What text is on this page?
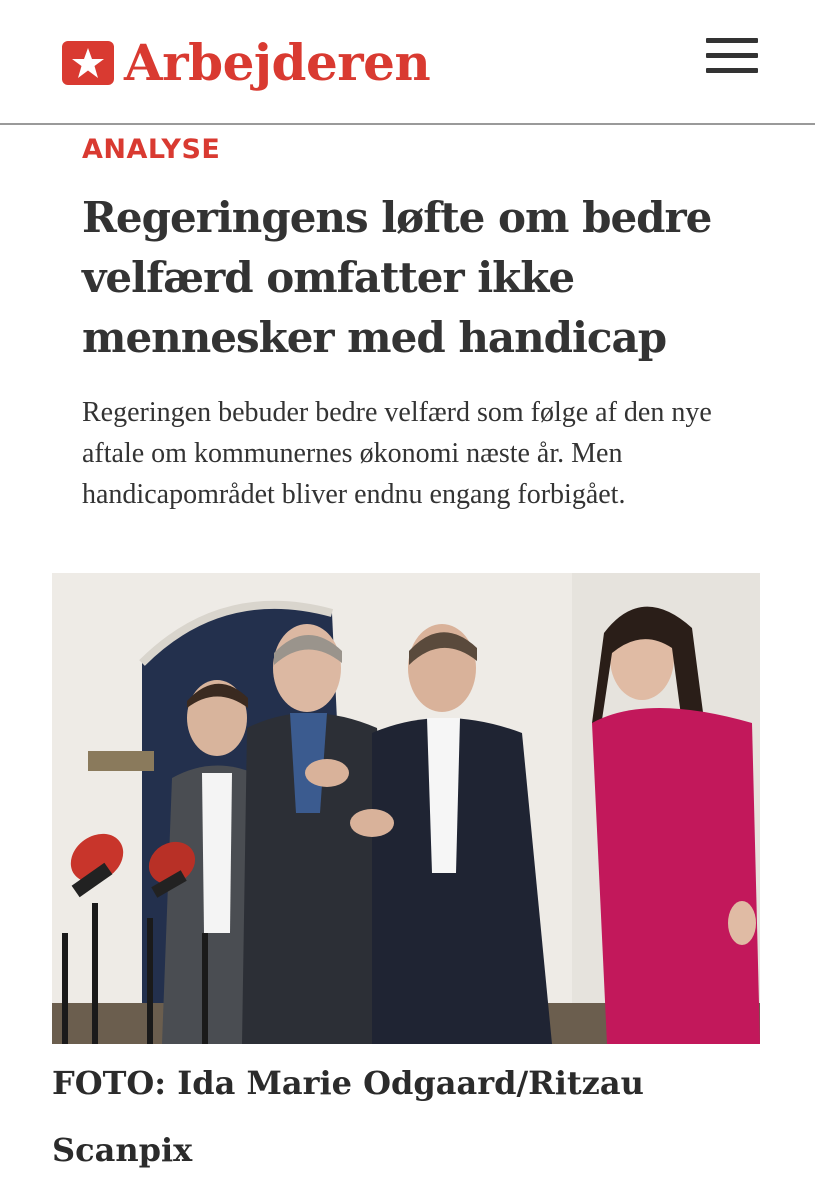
Arbejderen
ANALYSE
Regeringens løfte om bedre velfærd omfatter ikke mennesker med handicap

Regeringen bebuder bedre velfærd som følge af den nye aftale om kommunernes økonomi næste år. Men handicapområdet bliver endnu engang forbigået.

FOTO: Ida Marie Odgaard/Ritzau Scanpix
